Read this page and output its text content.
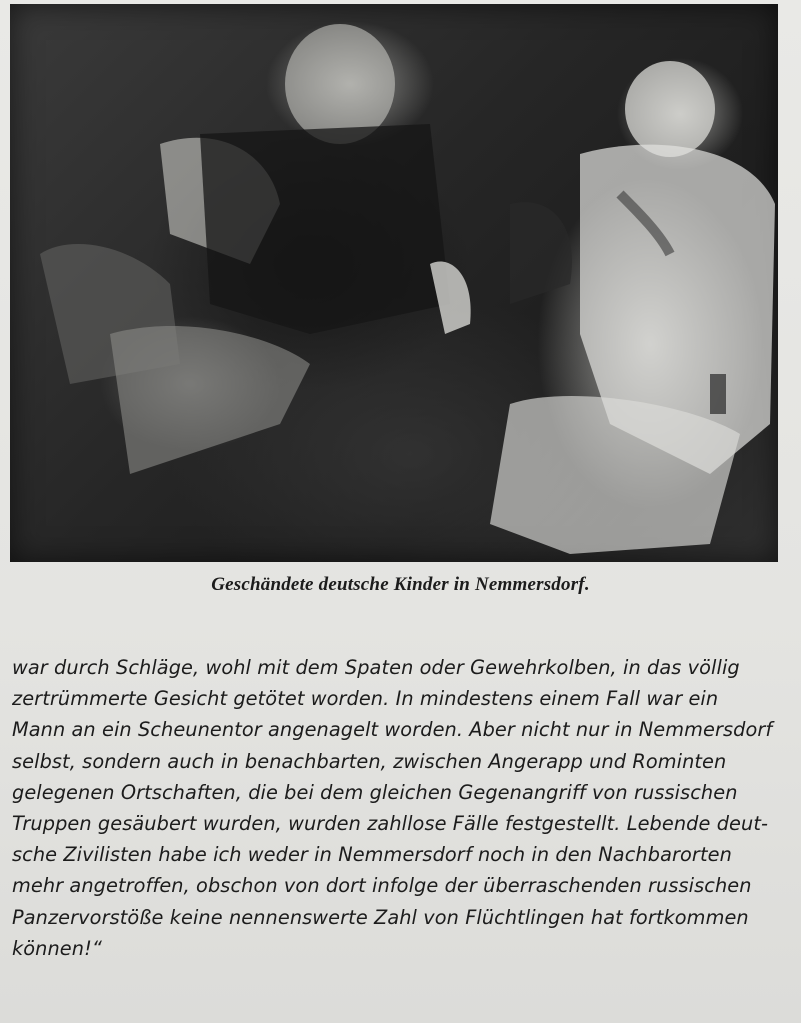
Geschändete deutsche Kinder in Nemmersdorf.
war durch Schläge, wohl mit dem Spaten oder Gewehrkolben, in das völlig
zertrümmerte Gesicht getötet worden. In mindestens einem Fall war ein
Mann an ein Scheunentor angenagelt worden. Aber nicht nur in Nemmersdorf
selbst, sondern auch in benachbarten, zwischen Angerapp und Rominten
gelegenen Ortschaften, die bei dem gleichen Gegenangriff von russischen
Truppen gesäubert wurden, wurden zahllose Fälle festgestellt. Lebende deut-
sche Zivilisten habe ich weder in Nemmersdorf noch in den Nachbarorten
mehr angetroffen, obschon von dort infolge der überraschenden russischen
Panzervorstöße keine nennenswerte Zahl von Flüchtlingen hat fortkommen
können!“
